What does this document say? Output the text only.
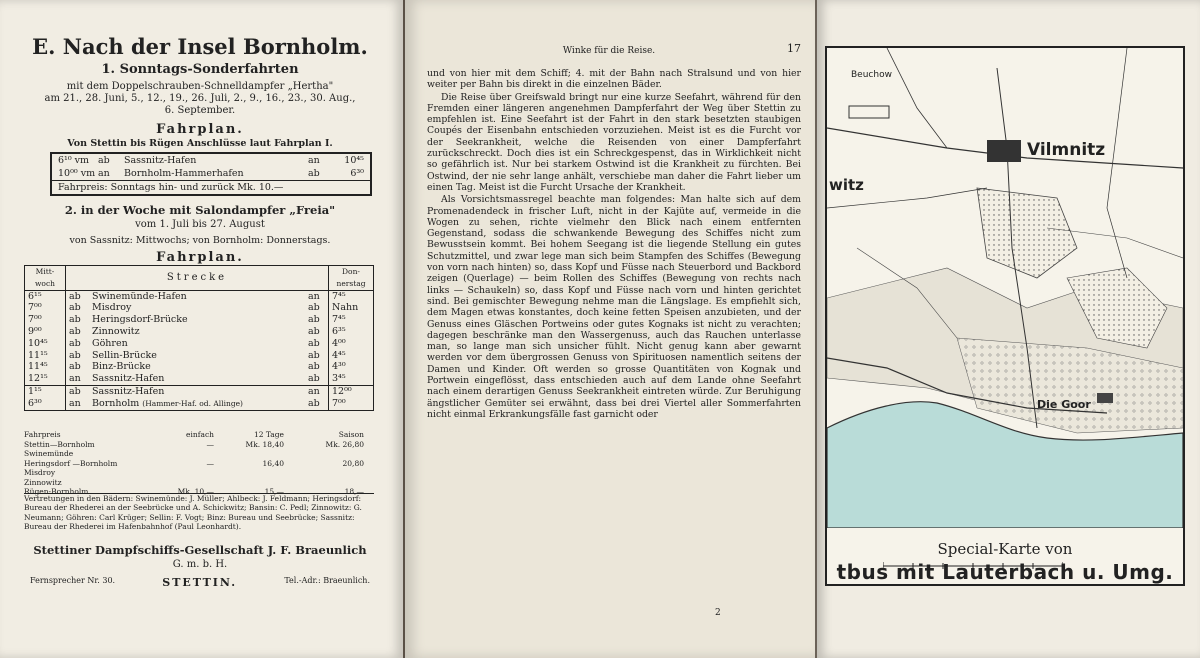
E. Nach der Insel Bornholm.
1. Sonntags-Sonderfahrten
mit dem Doppelschrauben-Schnelldampfer „Hertha"
am 21., 28. Juni, 5., 12., 19., 26. Juli, 2., 9., 16., 23., 30. Aug.,
6. September.
Fahrplan.
Von Stettin bis Rügen Anschlüsse laut Fahrplan I.
6¹⁰ vm ab	Sassnitz-Hafen	an	10⁴⁵
10⁰⁰ vm an	Bornholm-Hammerhafen	ab	6³⁰
Fahrpreis: Sonntags hin- und zurück Mk. 10.—
2. in der Woche mit Salondampfer „Freia"
vom 1. Juli bis 27. August
von Sassnitz: Mittwochs; von Bornholm: Donnerstags.
Fahrplan.
Mitt-woch	Strecke			Don-nerstag
6¹⁵	ab	Swinemünde-Hafen	an	7⁴⁵
7⁰⁰	ab	Misdroy	ab	Nahn
7⁰⁰	ab	Heringsdorf-Brücke	ab	7⁴⁵
9⁰⁰	ab	Zinnowitz	ab	6³⁵
10⁴⁵	ab	Göhren	ab	4⁰⁰
11¹⁵	ab	Sellin-Brücke	ab	4⁴⁵
11⁴⁵	ab	Binz-Brücke	ab	4³⁰
12¹⁵	an	Sassnitz-Hafen	ab	3⁴⁵
1¹⁵	ab	Sassnitz-Hafen	an	12⁰⁰
6³⁰	an	Bornholm (Hammer-Haf. od. Allinge)	ab	7⁰⁰
Fahrpreis	einfach	12 Tage	Saison
Stettin—Bornholm	—	Mk. 18,40	Mk. 26,80
Swinemünde
Heringsdorf —Bornholm	—	16,40	20,80
Misdroy
Zinnowitz
Rügen-Bornholm	Mk. 10,—	15,—	18,—
Vertretungen in den Bädern: Swinemünde: J. Müller; Ahlbeck: J. Feldmann; Heringsdorf: Bureau der Rhederei an der Seebrücke und A. Schickwitz; Bansin: C. Pedl; Zinnowitz: G. Neumann; Göhren: Carl Krüger; Sellin: F. Vogt; Binz: Bureau und Seebrücke; Sassnitz: Bureau der Rhederei im Hafenbahnhof (Paul Leonhardt).
Stettiner Dampfschiffs-Gesellschaft J. F. Braeunlich
G. m. b. H.
Fernsprecher Nr. 30.	STETTIN.	Tel.-Adr.: Braeunlich.
Winke für die Reise.	17

und von hier mit dem Schiff; 4. mit der Bahn nach Stralsund und von hier weiter per Bahn bis direkt in die einzelnen Bäder.

Die Reise über Greifswald bringt nur eine kurze Seefahrt, während für den Fremden einer längeren angenehmen Dampferfahrt der Weg über Stettin zu empfehlen ist. Eine Seefahrt ist der Fahrt in den stark besetzten staubigen Coupés der Eisenbahn entschieden vorzuziehen. Meist ist es die Furcht vor der Seekrankheit, welche die Reisenden von einer Dampferfahrt zurückschreckt. Doch dies ist ein Schreckgespenst, das in Wirklichkeit nicht so gefährlich ist. Nur bei starkem Ostwind ist die Krankheit zu fürchten. Bei Ostwind, der nie sehr lange anhält, verschiebe man daher die Fahrt lieber um einen Tag. Meist ist die Furcht Ursache der Krankheit.

Als Vorsichtsmassregel beachte man folgendes: Man halte sich auf dem Promenadendeck in frischer Luft, nicht in der Kajüte auf, vermeide in die Wogen zu sehen, richte vielmehr den Blick nach einem entfernten Gegenstand, sodass die schwankende Bewegung des Schiffes nicht zum Bewusstsein kommt. Bei hohem Seegang ist die liegende Stellung ein gutes Schutzmittel, und zwar lege man sich beim Stampfen des Schiffes (Bewegung von vorn nach hinten) so, dass Kopf und Füsse nach Steuerbord und Backbord zeigen (Querlage) — beim Rollen des Schiffes (Bewegung von rechts nach links — Schaukeln) so, dass Kopf und Füsse nach vorn und hinten gerichtet sind. Bei gemischter Bewegung nehme man die Längslage. Es empfiehlt sich, dem Magen etwas konstantes, doch keine fetten Speisen anzubieten, und der Genuss eines Gläschen Portweins oder gutes Kognaks ist nicht zu verachten; dagegen beschränke man den Wassergenuss, auch das Rauchen unterlasse man, so lange man sich unsicher fühlt. Nicht genug kann aber gewarnt werden vor dem übergrossen Genuss von Spirituosen namentlich seitens der Damen und Kinder. Oft werden so grosse Quantitäten von Kognak und Portwein eingeflösst, dass entschieden auch auf dem Lande ohne Seefahrt nach einem derartigen Genuss Seekrankheit eintreten würde. Zur Beruhigung ängstlicher Gemüter sei erwähnt, dass bei drei Viertel aller Sommerfahrten nicht einmal Erkrankungsfälle fast garnicht oder

2
Vilmnitz
witz
Beuchow
Die Goor
Special-Karte von
tbus mit Lauterbach u. Umg.
